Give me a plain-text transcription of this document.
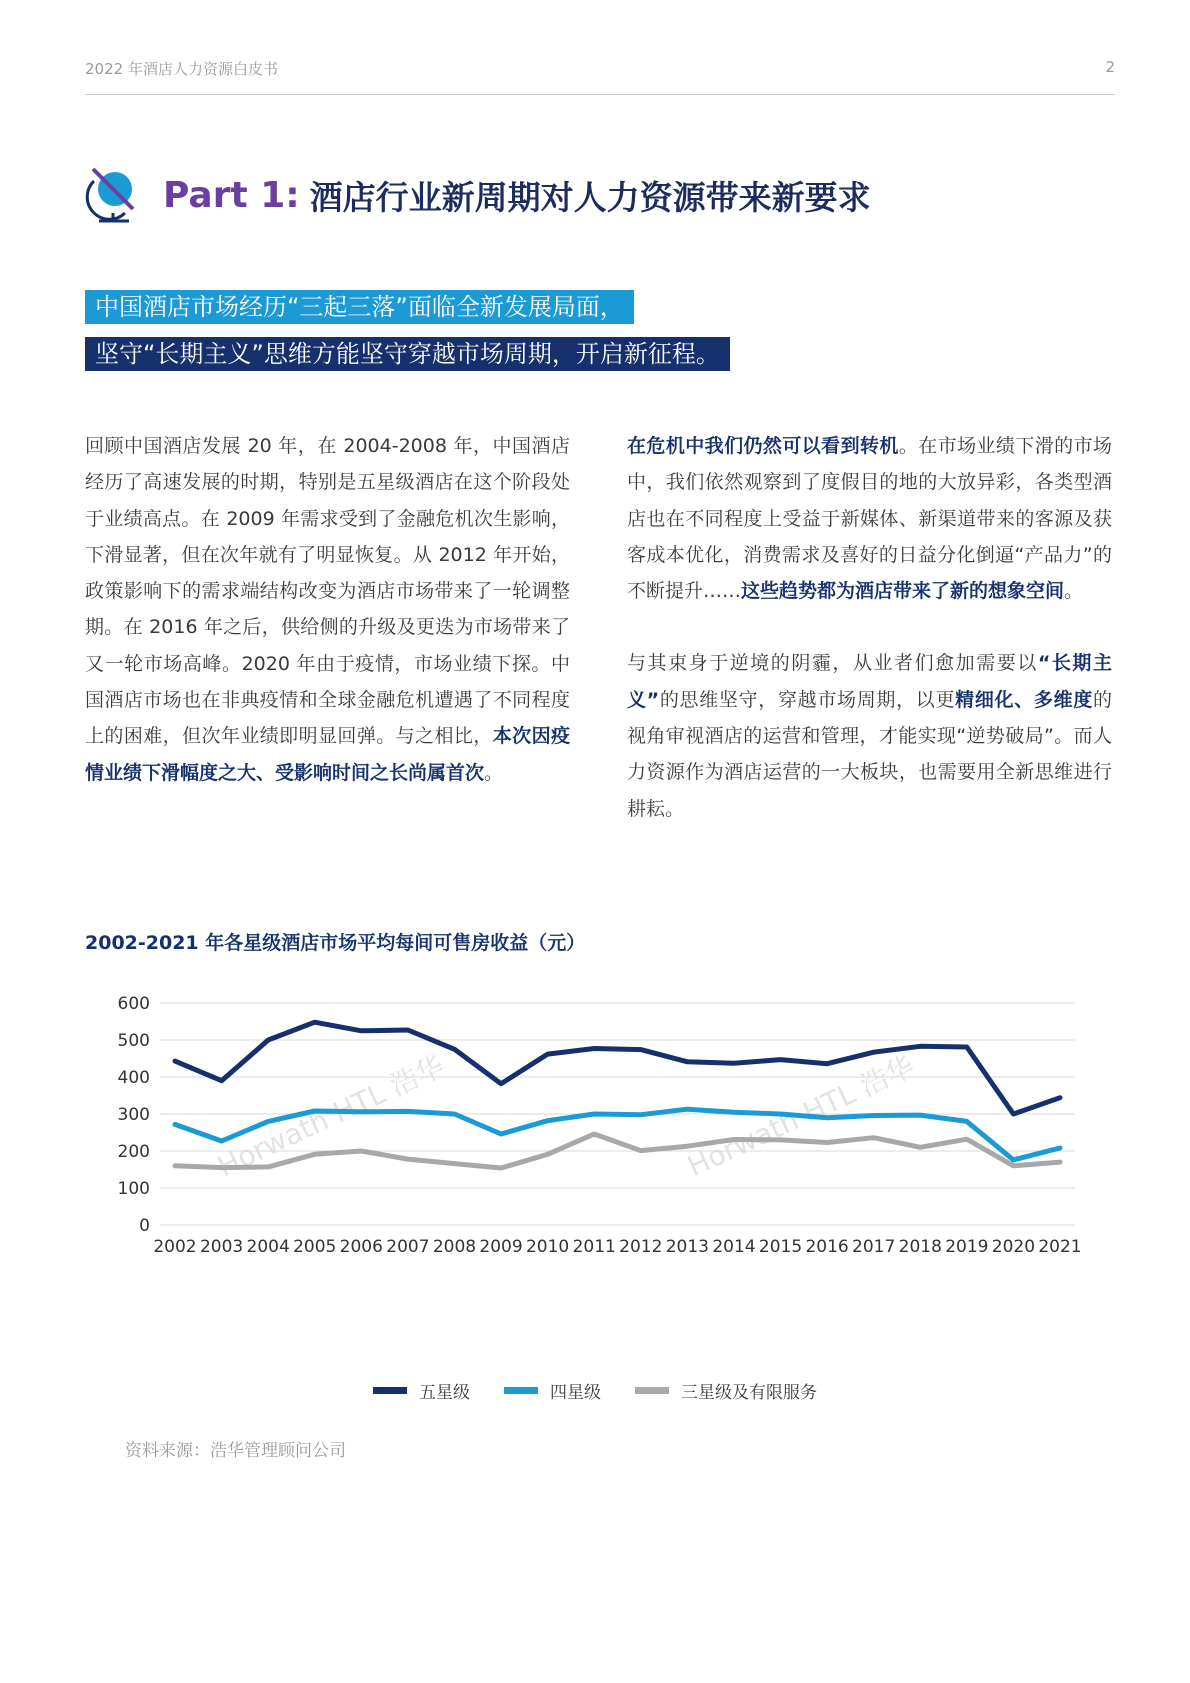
2022 年酒店人力资源白皮书	2
Part 1: 酒店行业新周期对人力资源带来新要求
中国酒店市场经历“三起三落”面临全新发展局面，
坚守“长期主义”思维方能坚守穿越市场周期，开启新征程。

回顾中国酒店发展 20 年，在 2004-2008 年，中国酒店经历了高速发展的时期，特别是五星级酒店在这个阶段处于业绩高点。在 2009 年需求受到了金融危机次生影响，下滑显著，但在次年就有了明显恢复。从 2012 年开始，政策影响下的需求端结构改变为酒店市场带来了一轮调整期。在 2016 年之后，供给侧的升级及更迭为市场带来了又一轮市场高峰。2020 年由于疫情，市场业绩下探。中国酒店市场也在非典疫情和全球金融危机遭遇了不同程度上的困难，但次年业绩即明显回弹。与之相比，本次因疫情业绩下滑幅度之大、受影响时间之长尚属首次。

在危机中我们仍然可以看到转机。在市场业绩下滑的市场中，我们依然观察到了度假目的地的大放异彩，各类型酒店也在不同程度上受益于新媒体、新渠道带来的客源及获客成本优化，消费需求及喜好的日益分化倒逼“产品力”的不断提升……这些趋势都为酒店带来了新的想象空间。

与其束身于逆境的阴霾，从业者们愈加需要以“长期主义”的思维坚守，穿越市场周期，以更精细化、多维度的视角审视酒店的运营和管理，才能实现“逆势破局”。而人力资源作为酒店运营的一大板块，也需要用全新思维进行耕耘。

2002-2021 年各星级酒店市场平均每间可售房收益（元）
Horwath HTL 浩华	Horwath HTL 浩华
0
100
200
300
400
500
600
2002 2003 2004 2005 2006 2007 2008 2009 2010 2011 2012 2013 2014 2015 2016 2017 2018 2019 2020 2021
五星级	四星级	三星级及有限服务
资料来源：浩华管理顾问公司
